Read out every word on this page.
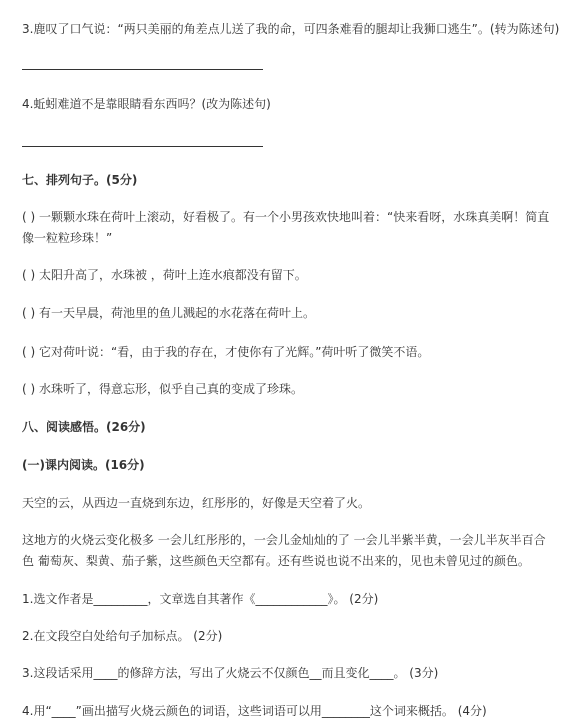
3.鹿叹了口气说：“两只美丽的角差点儿送了我的命，可四条难看的腿却让我狮口逃生”。(转为陈述句)
4.蚯蚓难道不是靠眼睛看东西吗？(改为陈述句)
七、排列句子。(5分)
( ) 一颗颗水珠在荷叶上滚动，好看极了。有一个小男孩欢快地叫着：“快来看呀，水珠真美啊！简直像一粒粒珍珠！”
( ) 太阳升高了，水珠被 ，荷叶上连水痕都没有留下。
( ) 有一天早晨，荷池里的鱼儿溅起的水花落在荷叶上。
( ) 它对荷叶说：“看，由于我的存在，才使你有了光辉。”荷叶听了微笑不语。
( ) 水珠听了，得意忘形，似乎自己真的变成了珍珠。
八、阅读感悟。(26分)
(一)课内阅读。(16分)
天空的云，从西边一直烧到东边，红彤彤的，好像是天空着了火。
这地方的火烧云变化极多 一会儿红彤彤的，一会儿金灿灿的了 一会儿半紫半黄，一会儿半灰半百合色 葡萄灰、梨黄、茄子紫，这些颜色天空都有。还有些说也说不出来的，见也未曾见过的颜色。
1.选文作者是_________，文章选自其著作《____________》。 (2分)
2.在文段空白处给句子加标点。 (2分)
3.这段话采用____的修辞方法，写出了火烧云不仅颜色__而且变化____。 (3分)
4.用“____”画出描写火烧云颜色的词语，这些词语可以用________这个词来概括。 (4分)
